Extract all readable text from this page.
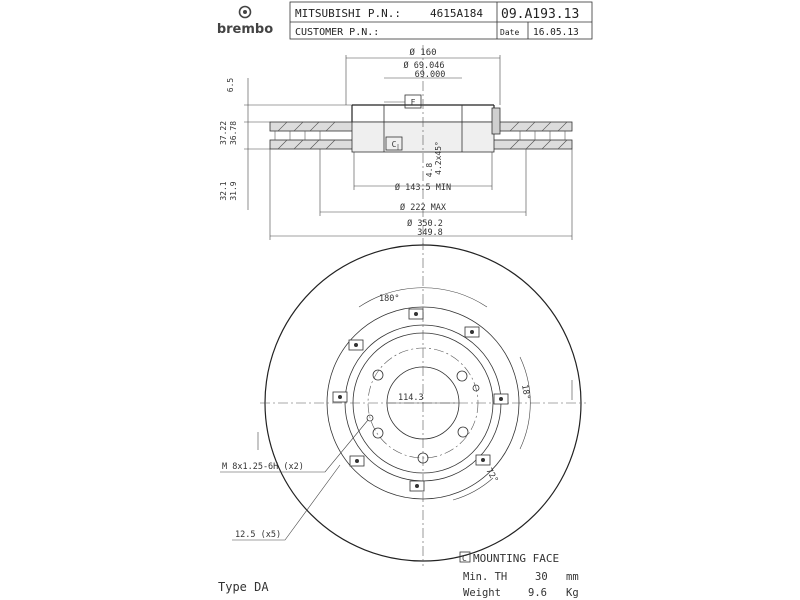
brembo
MITSUBISHI P.N.:	4615A184 09.A193.13
CUSTOMER P.N.:	Date 16.05.13
Ø 160
Ø 69.046
69.000
F
C
4.8 4.2x45°
Ø 143.5 MIN
Ø 222 MAX
Ø 350.2
349.8
6.5
37.22 36.78
32.1 31.9
180°
18°
72°
114.3
M 8x1.25-6H (x2)
12.5 (x5)
C MOUNTING FACE
Min. TH	30 mm
Weight	9.6 Kg
Type DA
